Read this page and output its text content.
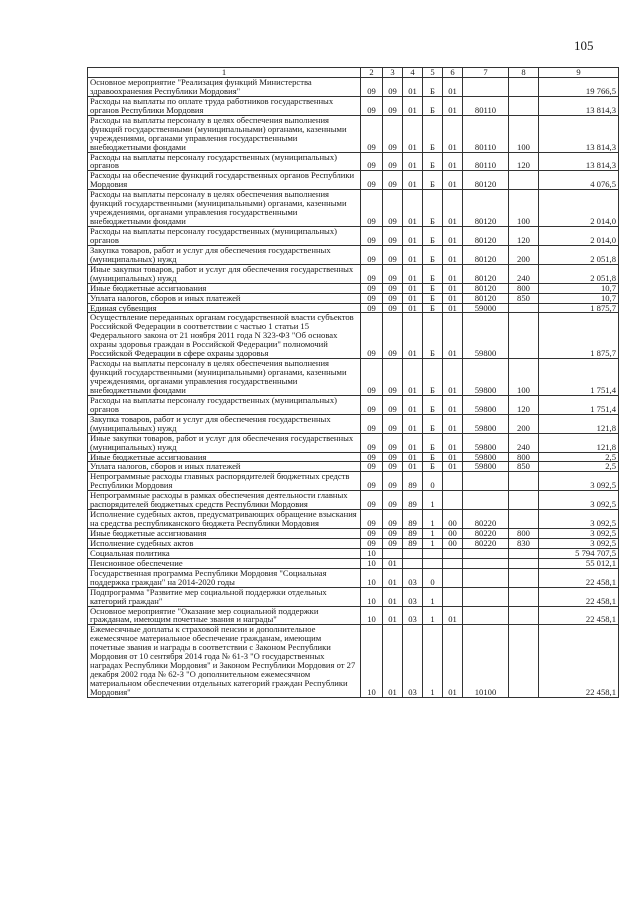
105
1	2	3	4	5	6	7	8	9
Основное мероприятие "Реализация функций Министерства здравоохранения Республики Мордовия"	09	09	01	Б	01			19 766,5
Расходы на выплаты по оплате труда работников государственных органов Республики Мордовия	09	09	01	Б	01	80110		13 814,3
Расходы на выплаты персоналу в целях обеспечения выполнения функций государственными (муниципальными) органами, казенными учреждениями, органами управления государственными внебюджетными фондами	09	09	01	Б	01	80110	100	13 814,3
Расходы на выплаты персоналу государственных (муниципальных) органов	09	09	01	Б	01	80110	120	13 814,3
Расходы на обеспечение функций государственных органов Республики Мордовия	09	09	01	Б	01	80120		4 076,5
Расходы на выплаты персоналу в целях обеспечения выполнения функций государственными (муниципальными) органами, казенными учреждениями, органами управления государственными внебюджетными фондами	09	09	01	Б	01	80120	100	2 014,0
Расходы на выплаты персоналу государственных (муниципальных) органов	09	09	01	Б	01	80120	120	2 014,0
Закупка товаров, работ и услуг для обеспечения государственных (муниципальных) нужд	09	09	01	Б	01	80120	200	2 051,8
Иные закупки товаров, работ и услуг для обеспечения государственных (муниципальных) нужд	09	09	01	Б	01	80120	240	2 051,8
Иные бюджетные ассигнования	09	09	01	Б	01	80120	800	10,7
Уплата налогов, сборов и иных платежей	09	09	01	Б	01	80120	850	10,7
Единая субвенция	09	09	01	Б	01	59000		1 875,7
Осуществление переданных органам государственной власти субъектов Российской Федерации в соответствии с частью 1 статьи 15 Федерального закона от 21 ноября 2011 года N 323-ФЗ "Об основах охраны здоровья граждан в Российской Федерации" полномочий Российской Федерации в сфере охраны здоровья	09	09	01	Б	01	59800		1 875,7
Расходы на выплаты персоналу в целях обеспечения выполнения функций государственными (муниципальными) органами, казенными учреждениями, органами управления государственными внебюджетными фондами	09	09	01	Б	01	59800	100	1 751,4
Расходы на выплаты персоналу государственных (муниципальных) органов	09	09	01	Б	01	59800	120	1 751,4
Закупка товаров, работ и услуг для обеспечения государственных (муниципальных) нужд	09	09	01	Б	01	59800	200	121,8
Иные закупки товаров, работ и услуг для обеспечения государственных (муниципальных) нужд	09	09	01	Б	01	59800	240	121,8
Иные бюджетные ассигнования	09	09	01	Б	01	59800	800	2,5
Уплата налогов, сборов и иных платежей	09	09	01	Б	01	59800	850	2,5
Непрограммные расходы главных распорядителей бюджетных средств Республики Мордовия	09	09	89	0				3 092,5
Непрограммные расходы в рамках обеспечения деятельности главных распорядителей бюджетных средств Республики Мордовия	09	09	89	1				3 092,5
Исполнение судебных актов, предусматривающих обращение взыскания на средства республиканского бюджета Республики Мордовия	09	09	89	1	00	80220		3 092,5
Иные бюджетные ассигнования	09	09	89	1	00	80220	800	3 092,5
Исполнение судебных актов	09	09	89	1	00	80220	830	3 092,5
Социальная политика	10							5 794 707,5
Пенсионное обеспечение	10	01						55 012,1
Государственная программа Республики Мордовия "Социальная поддержка граждан" на 2014-2020 годы	10	01	03	0				22 458,1
Подпрограмма "Развитие мер социальной поддержки отдельных категорий граждан"	10	01	03	1				22 458,1
Основное мероприятие "Оказание мер социальной поддержки гражданам, имеющим почетные звания и награды"	10	01	03	1	01			22 458,1
Ежемесячные доплаты к страховой пенсии и дополнительное ежемесячное материальное обеспечение гражданам, имеющим почетные звания и награды в соответствии с Законом Республики Мордовия от 10 сентября 2014 года № 61-З "О государственных наградах Республики Мордовия" и Законом Республики Мордовия от 27 декабря 2002 года № 62-З "О дополнительном ежемесячном материальном обеспечении отдельных категорий граждан Республики Мордовия"	10	01	03	1	01	10100		22 458,1
